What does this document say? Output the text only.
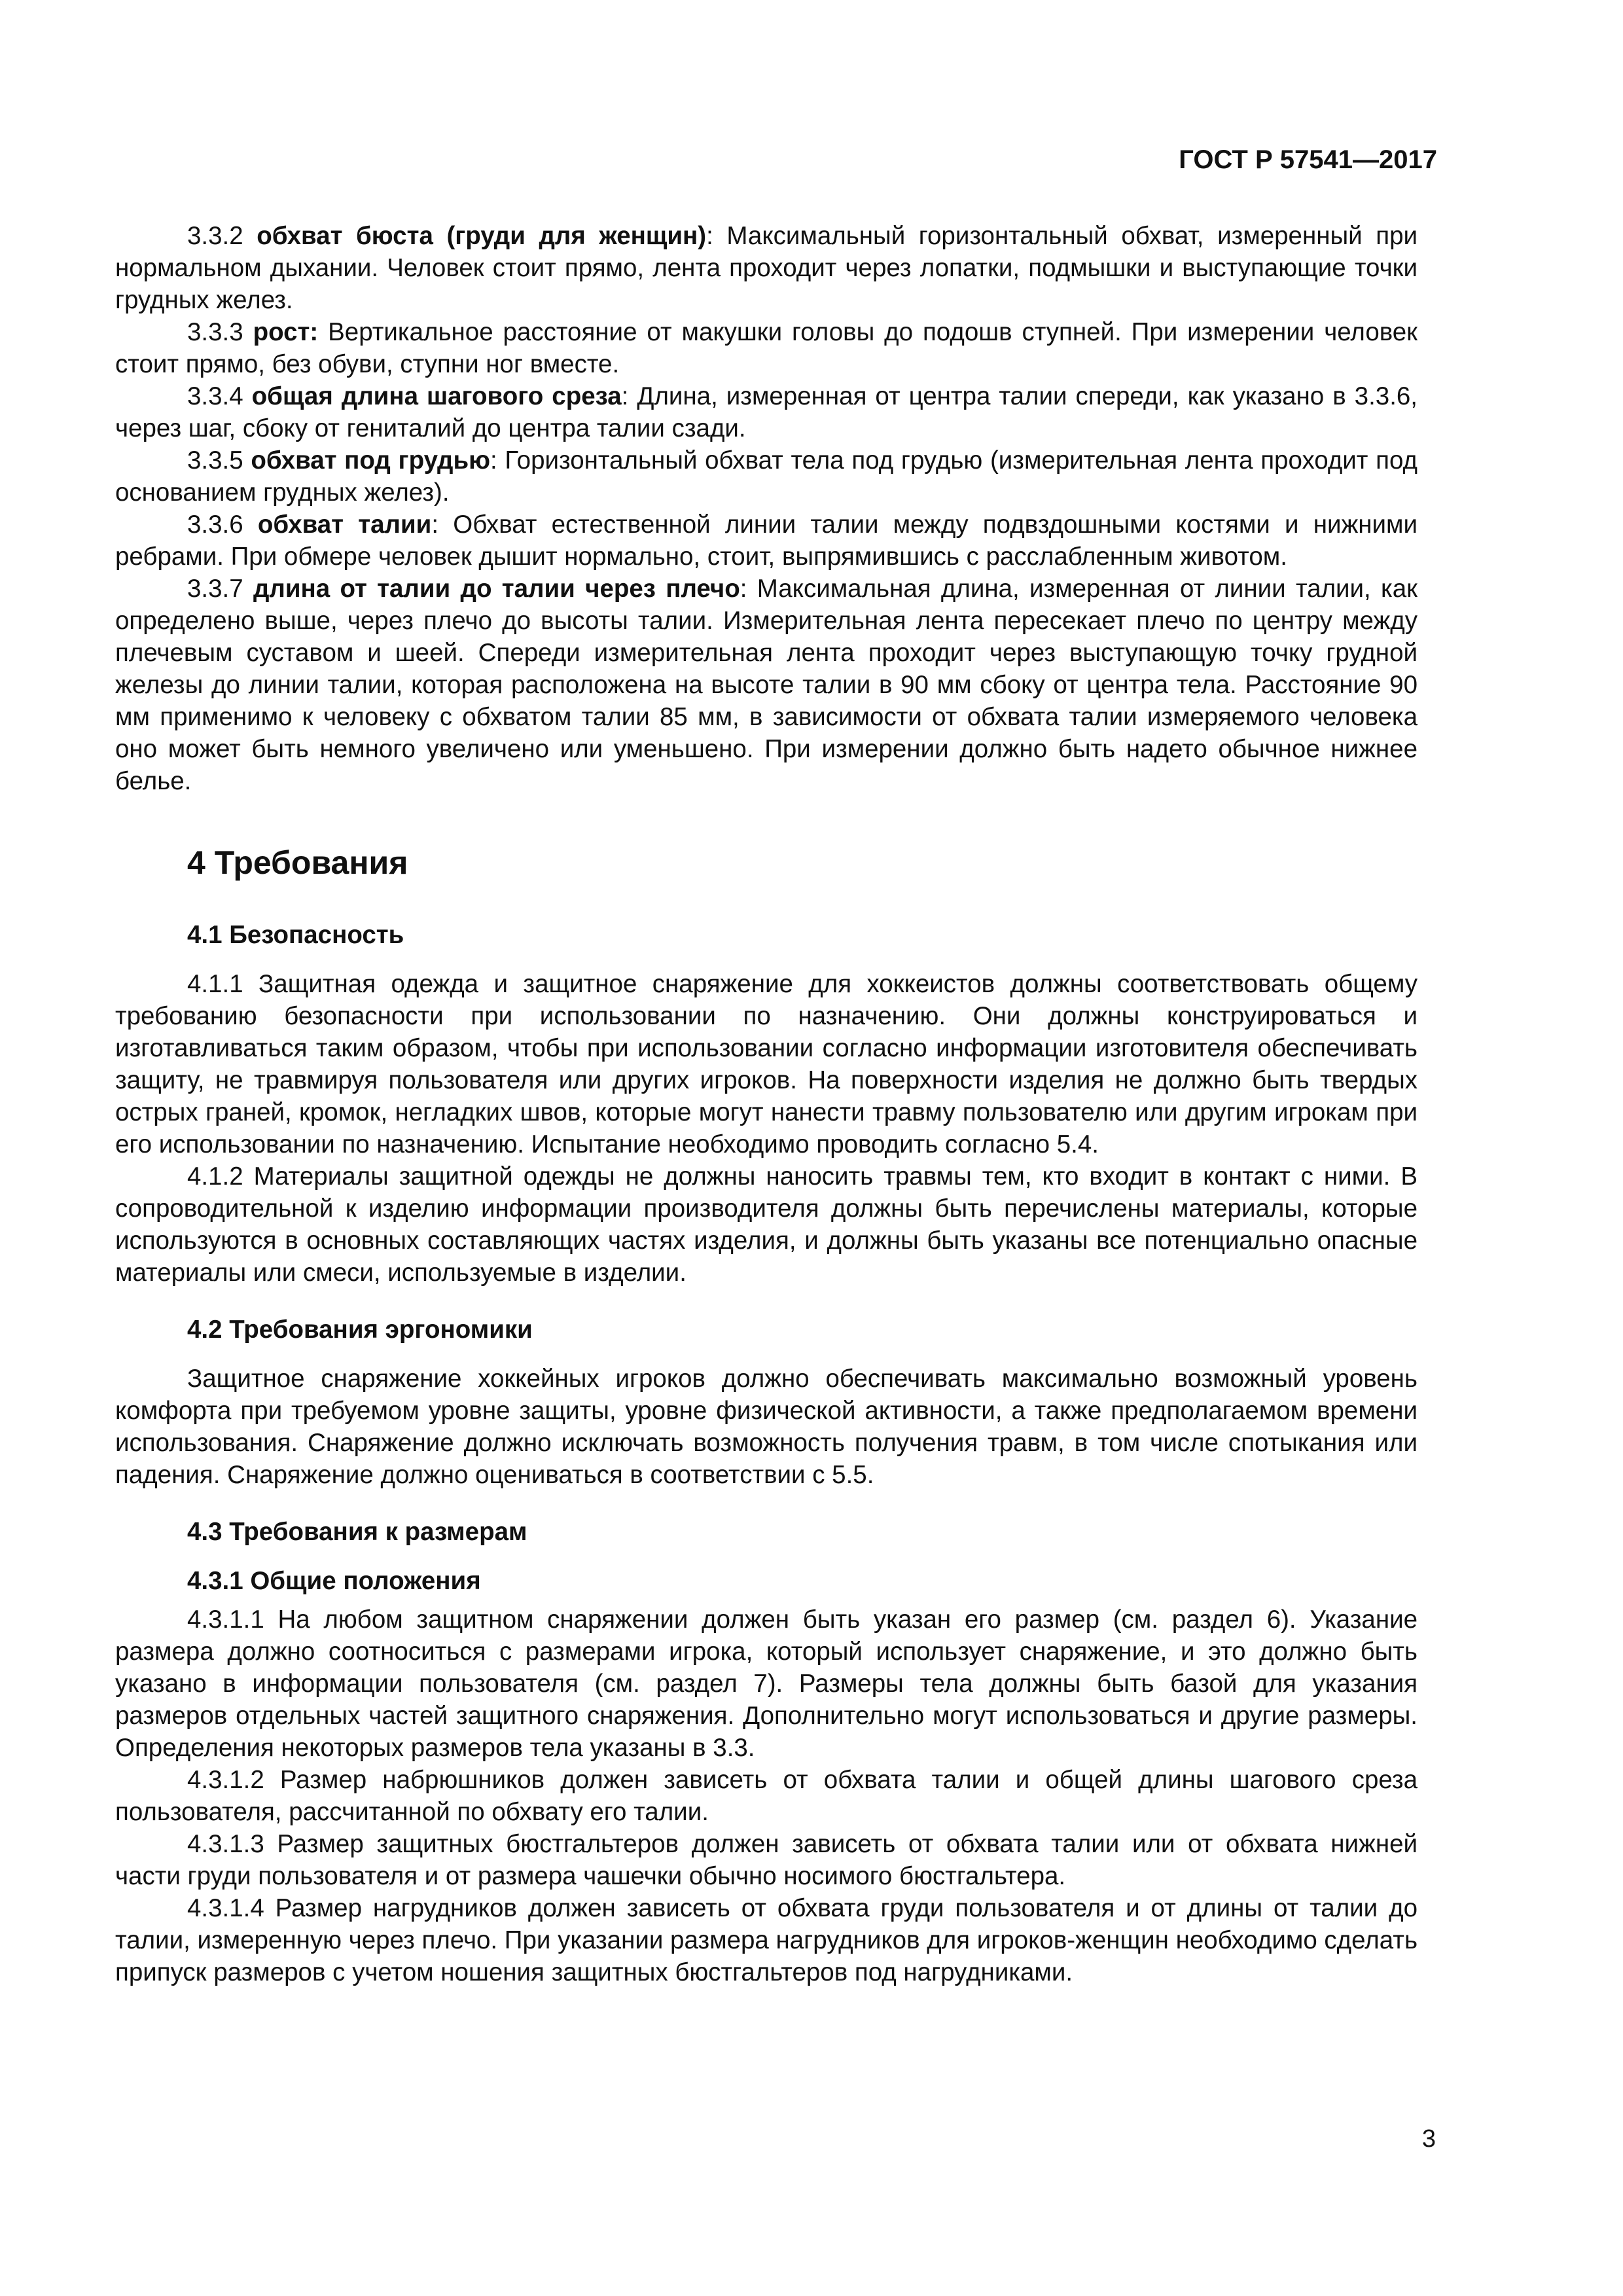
ГОСТ Р 57541—2017

3.3.2 обхват бюста (груди для женщин): Максимальный горизонтальный обхват, измеренный при нормальном дыхании. Человек стоит прямо, лента проходит через лопатки, подмышки и выступающие точки грудных желез.

3.3.3 рост: Вертикальное расстояние от макушки головы до подошв ступней. При измерении человек стоит прямо, без обуви, ступни ног вместе.

3.3.4 общая длина шагового среза: Длина, измеренная от центра талии спереди, как указано в 3.3.6, через шаг, сбоку от гениталий до центра талии сзади.

3.3.5 обхват под грудью: Горизонтальный обхват тела под грудью (измерительная лента проходит под основанием грудных желез).

3.3.6 обхват талии: Обхват естественной линии талии между подвздошными костями и нижними ребрами. При обмере человек дышит нормально, стоит, выпрямившись с расслабленным животом.

3.3.7 длина от талии до талии через плечо: Максимальная длина, измеренная от линии талии, как определено выше, через плечо до высоты талии. Измерительная лента пересекает плечо по центру между плечевым суставом и шеей. Спереди измерительная лента проходит через выступающую точку грудной железы до линии талии, которая расположена на высоте талии в 90 мм сбоку от центра тела. Расстояние 90 мм применимо к человеку с обхватом талии 85 мм, в зависимости от обхвата талии измеряемого человека оно может быть немного увеличено или уменьшено. При измерении должно быть надето обычное нижнее белье.

4 Требования
4.1 Безопасность

4.1.1 Защитная одежда и защитное снаряжение для хоккеистов должны соответствовать общему требованию безопасности при использовании по назначению. Они должны конструироваться и изготавливаться таким образом, чтобы при использовании согласно информации изготовителя обеспечивать защиту, не травмируя пользователя или других игроков. На поверхности изделия не должно быть твердых острых граней, кромок, негладких швов, которые могут нанести травму пользователю или другим игрокам при его использовании по назначению. Испытание необходимо проводить согласно 5.4.

4.1.2 Материалы защитной одежды не должны наносить травмы тем, кто входит в контакт с ними. В сопроводительной к изделию информации производителя должны быть перечислены материалы, которые используются в основных составляющих частях изделия, и должны быть указаны все потенциально опасные материалы или смеси, используемые в изделии.

4.2 Требования эргономики

Защитное снаряжение хоккейных игроков должно обеспечивать максимально возможный уровень комфорта при требуемом уровне защиты, уровне физической активности, а также предполагаемом времени использования. Снаряжение должно исключать возможность получения травм, в том числе спотыкания или падения. Снаряжение должно оцениваться в соответствии с 5.5.

4.3 Требования к размерам
4.3.1 Общие положения

4.3.1.1 На любом защитном снаряжении должен быть указан его размер (см. раздел 6). Указание размера должно соотноситься с размерами игрока, который использует снаряжение, и это должно быть указано в информации пользователя (см. раздел 7). Размеры тела должны быть базой для указания размеров отдельных частей защитного снаряжения. Дополнительно могут использоваться и другие размеры. Определения некоторых размеров тела указаны в 3.3.

4.3.1.2 Размер набрюшников должен зависеть от обхвата талии и общей длины шагового среза пользователя, рассчитанной по обхвату его талии.

4.3.1.3 Размер защитных бюстгальтеров должен зависеть от обхвата талии или от обхвата нижней части груди пользователя и от размера чашечки обычно носимого бюстгальтера.

4.3.1.4 Размер нагрудников должен зависеть от обхвата груди пользователя и от длины от талии до талии, измеренную через плечо. При указании размера нагрудников для игроков-женщин необходимо сделать припуск размеров с учетом ношения защитных бюстгальтеров под нагрудниками.

3
